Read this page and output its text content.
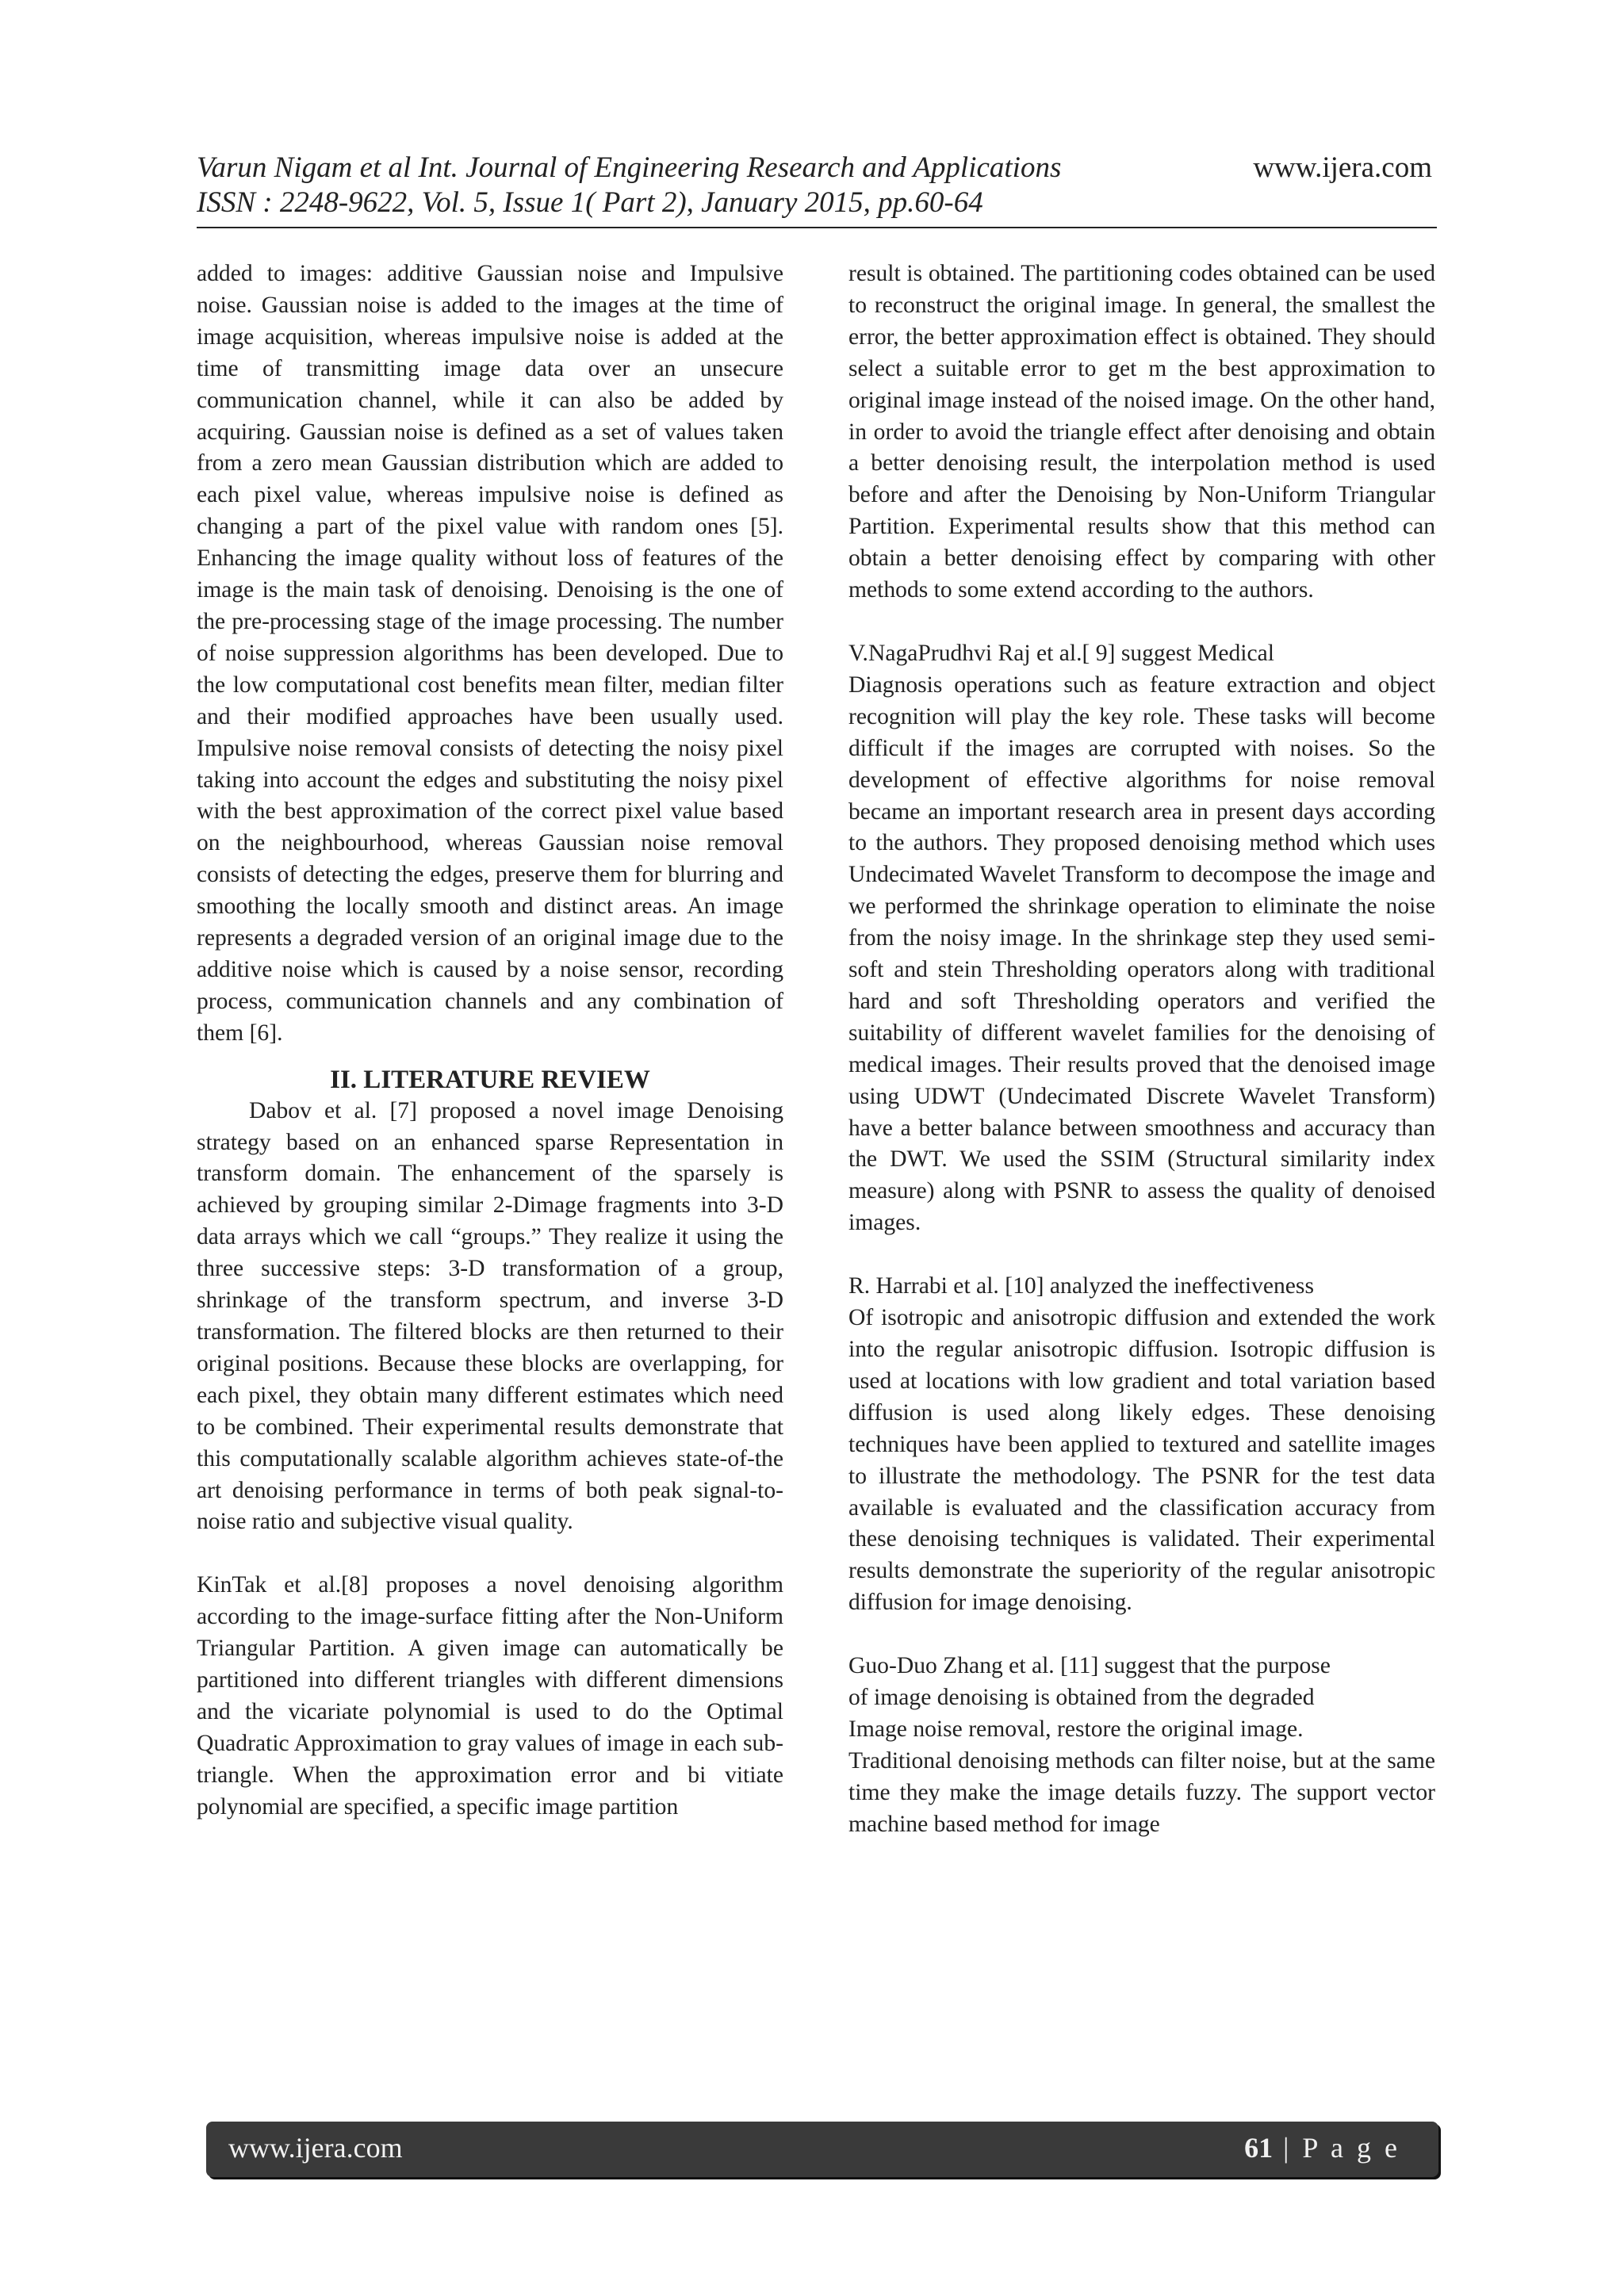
Varun Nigam et al Int. Journal of Engineering Research and Applications	www.ijera.com
ISSN : 2248-9622, Vol. 5, Issue 1( Part 2), January 2015, pp.60-64

added to images: additive Gaussian noise and Impulsive noise. Gaussian noise is added to the images at the time of image acquisition, whereas impulsive noise is added at the time of transmitting image data over an unsecure communication channel, while it can also be added by acquiring. Gaussian noise is defined as a set of values taken from a zero mean Gaussian distribution which are added to each pixel value, whereas impulsive noise is defined as changing a part of the pixel value with random ones [5]. Enhancing the image quality without loss of features of the image is the main task of denoising. Denoising is the one of the pre-processing stage of the image processing. The number of noise suppression algorithms has been developed. Due to the low computational cost benefits mean filter, median filter and their modified approaches have been usually used. Impulsive noise removal consists of detecting the noisy pixel taking into account the edges and substituting the noisy pixel with the best approximation of the correct pixel value based on the neighbourhood, whereas Gaussian noise removal consists of detecting the edges, preserve them for blurring and smoothing the locally smooth and distinct areas. An image represents a degraded version of an original image due to the additive noise which is caused by a noise sensor, recording process, communication channels and any combination of them [6].

II. LITERATURE REVIEW

Dabov et al. [7] proposed a novel image Denoising strategy based on an enhanced sparse Representation in transform domain. The enhancement of the sparsely is achieved by grouping similar 2-Dimage fragments into 3-D data arrays which we call “groups.” They realize it using the three successive steps: 3-D transformation of a group, shrinkage of the transform spectrum, and inverse 3-D transformation. The filtered blocks are then returned to their original positions. Because these blocks are overlapping, for each pixel, they obtain many different estimates which need to be combined. Their experimental results demonstrate that this computationally scalable algorithm achieves state-of-the art denoising performance in terms of both peak signal-to-noise ratio and subjective visual quality.

KinTak et al.[8] proposes a novel denoising algorithm according to the image-surface fitting after the Non-Uniform Triangular Partition. A given image can automatically be partitioned into different triangles with different dimensions and the vicariate polynomial is used to do the Optimal Quadratic Approximation to gray values of image in each sub-triangle. When the approximation error and bi vitiate polynomial are specified, a specific image partition

result is obtained. The partitioning codes obtained can be used to reconstruct the original image. In general, the smallest the error, the better approximation effect is obtained. They should select a suitable error to get m the best approximation to original image instead of the noised image. On the other hand, in order to avoid the triangle effect after denoising and obtain a better denoising result, the interpolation method is used before and after the Denoising by Non-Uniform Triangular Partition. Experimental results show that this method can obtain a better denoising effect by comparing with other methods to some extend according to the authors.

V.NagaPrudhvi Raj et al.[ 9] suggest Medical

Diagnosis operations such as feature extraction and object recognition will play the key role. These tasks will become difficult if the images are corrupted with noises. So the development of effective algorithms for noise removal became an important research area in present days according to the authors. They proposed denoising method which uses Undecimated Wavelet Transform to decompose the image and we performed the shrinkage operation to eliminate the noise from the noisy image. In the shrinkage step they used semi-soft and stein Thresholding operators along with traditional hard and soft Thresholding operators and verified the suitability of different wavelet families for the denoising of medical images. Their results proved that the denoised image using UDWT (Undecimated Discrete Wavelet Transform) have a better balance between smoothness and accuracy than the DWT. We used the SSIM (Structural similarity index measure) along with PSNR to assess the quality of denoised images.

R. Harrabi et al. [10] analyzed the ineffectiveness

Of isotropic and anisotropic diffusion and extended the work into the regular anisotropic diffusion. Isotropic diffusion is used at locations with low gradient and total variation based diffusion is used along likely edges. These denoising techniques have been applied to textured and satellite images to illustrate the methodology. The PSNR for the test data available is evaluated and the classification accuracy from these denoising techniques is validated. Their experimental results demonstrate the superiority of the regular anisotropic diffusion for image denoising.

Guo-Duo Zhang et al. [11] suggest that the purpose

of image denoising is obtained from the degraded

Image noise removal, restore the original image.

Traditional denoising methods can filter noise, but at the same time they make the image details fuzzy. The support vector machine based method for image

www.ijera.com	61 | P a g e
